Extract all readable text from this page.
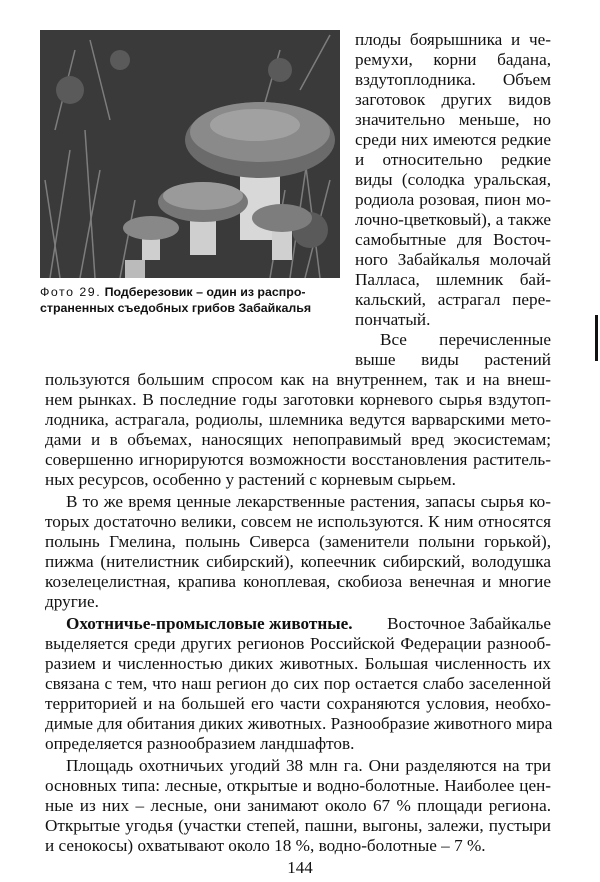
Фото 29. Подберезовик – один из распро- страненных съедобных грибов Забайкалья
плоды боярышника и че-
ремухи, корни бадана,
вздутоплодника. Объем
заготовок других видов
значительно меньше, но
среди них имеются редкие
и относительно редкие
виды (солодка уральская,
родиола розовая, пион мо-
лочно-цветковый), а также
самобытные для Восточ-
ного Забайкалья молочай
Палласа, шлемник бай-
кальский, астрагал пере-
пончатый.
Все перечисленные
выше виды растений
пользуются большим спросом как на внутреннем, так и на внеш-
нем рынках. В последние годы заготовки корневого сырья вздутоп-
лодника, астрагала, родиолы, шлемника ведутся варварскими мето-
дами и в объемах, наносящих непоправимый вред экосистемам;
совершенно игнорируются возможности восстановления раститель-
ных ресурсов, особенно у растений с корневым сырьем.
В то же время ценные лекарственные растения, запасы сырья ко-
торых достаточно велики, совсем не используются. К ним относятся
полынь Гмелина, полынь Сиверса (заменители полыни горькой),
пижма (нителистник сибирский), копеечник сибирский, володушка
козелецелистная, крапива коноплевая, скобиоза венечная и многие
другие.
Охотничье-промысловые животные. Восточное Забайкалье
выделяется среди других регионов Российской Федерации разнооб-
разием и численностью диких животных. Большая численность их
связана с тем, что наш регион до сих пор остается слабо заселенной
территорией и на большей его части сохраняются условия, необхо-
димые для обитания диких животных. Разнообразие животного мира
определяется разнообразием ландшафтов.
Площадь охотничьих угодий 38 млн га. Они разделяются на три
основных типа: лесные, открытые и водно-болотные. Наиболее цен-
ные из них – лесные, они занимают около 67 % площади региона.
Открытые угодья (участки степей, пашни, выгоны, залежи, пустыри
и сенокосы) охватывают около 18 %, водно-болотные – 7 %.
144
